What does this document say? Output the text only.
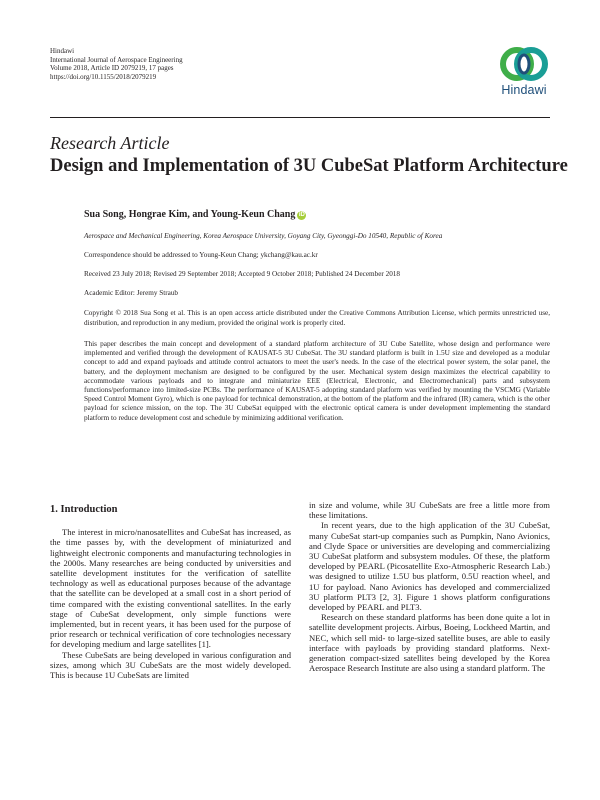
Hindawi
International Journal of Aerospace Engineering
Volume 2018, Article ID 2079219, 17 pages
https://doi.org/10.1155/2018/2079219
Hindawi
Research Article
Design and Implementation of 3U CubeSat Platform Architecture
Sua Song, Hongrae Kim, and Young-Keun Chang iD
Aerospace and Mechanical Engineering, Korea Aerospace University, Goyang City, Gyeonggi-Do 10540, Republic of Korea
Correspondence should be addressed to Young-Keun Chang; ykchang@kau.ac.kr
Received 23 July 2018; Revised 29 September 2018; Accepted 9 October 2018; Published 24 December 2018
Academic Editor: Jeremy Straub
Copyright © 2018 Sua Song et al. This is an open access article distributed under the Creative Commons Attribution License, which permits unrestricted use, distribution, and reproduction in any medium, provided the original work is properly cited.
This paper describes the main concept and development of a standard platform architecture of 3U Cube Satellite, whose design and performance were implemented and verified through the development of KAUSAT-5 3U CubeSat. The 3U standard platform is built in 1.5U size and developed as a modular concept to add and expand payloads and attitude control actuators to meet the user's needs. In the case of the electrical power system, the solar panel, the battery, and the deployment mechanism are designed to be configured by the user. Mechanical system design maximizes the electrical capability to accommodate various payloads and to integrate and miniaturize EEE (Electrical, Electronic, and Electromechanical) parts and subsystem functions/performance into limited-size PCBs. The performance of KAUSAT-5 adopting standard platform was verified by mounting the VSCMG (Variable Speed Control Moment Gyro), which is one payload for technical demonstration, at the bottom of the platform and the infrared (IR) camera, which is the other payload for science mission, on the top. The 3U CubeSat equipped with the electronic optical camera is under development implementing the standard platform to reduce development cost and schedule by minimizing additional verification.
1. Introduction

The interest in micro/nanosatellites and CubeSat has increased, as the time passes by, with the development of miniaturized and lightweight electronic components and manufacturing technologies in the 2000s. Many researches are being conducted by universities and satellite development institutes for the verification of satellite technology as well as educational purposes because of the advantage that the satellite can be developed at a small cost in a short period of time compared with the existing conventional satellites. In the early stage of CubeSat development, only simple functions were implemented, but in recent years, it has been used for the purpose of prior research or technical verification of core technologies necessary for developing medium and large satellites [1].

These CubeSats are being developed in various configuration and sizes, among which 3U CubeSats are the most widely developed. This is because 1U CubeSats are limited

in size and volume, while 3U CubeSats are free a little more from these limitations.

In recent years, due to the high application of the 3U CubeSat, many CubeSat start-up companies such as Pumpkin, Nano Avionics, and Clyde Space or universities are developing and commercializing 3U CubeSat platform and subsystem modules. Of these, the platform developed by PEARL (Picosatellite Exo-Atmospheric Research Lab.) was designed to utilize 1.5U bus platform, 0.5U reaction wheel, and 1U for payload. Nano Avionics has developed and commercialized 3U platform PLT3 [2, 3]. Figure 1 shows platform configurations developed by PEARL and PLT3.

Research on these standard platforms has been done quite a lot in satellite development projects. Airbus, Boeing, Lockheed Martin, and NEC, which sell mid- to large-sized satellite buses, are able to easily interface with payloads by providing standard platforms. Next-generation compact-sized satellites being developed by the Korea Aerospace Research Institute are also using a standard platform. The
